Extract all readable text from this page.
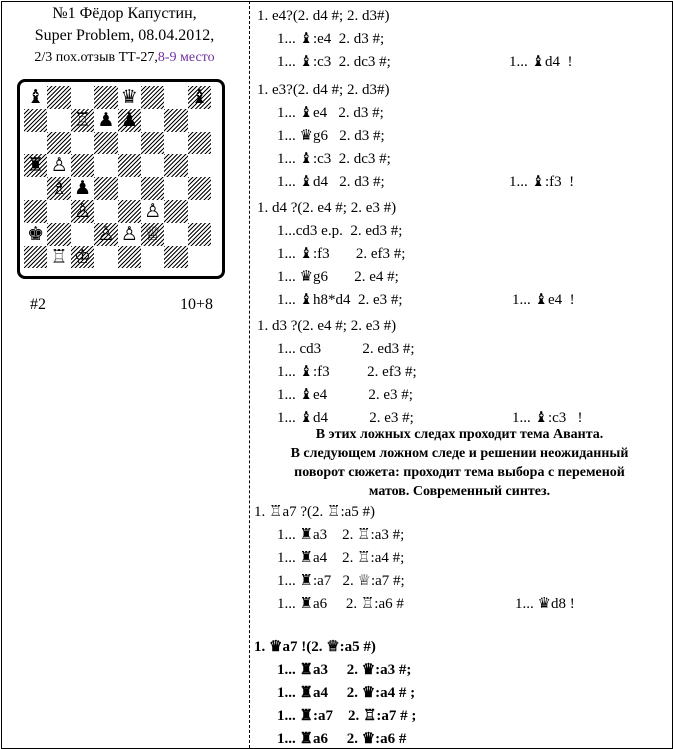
№1 Фёдор Капустин,
Super Problem, 08.04.2012,
2/3 пох.отзыв ТТ-27,8-9 место
♝	♛	♝
♖ ♟ ♟
♜ ♙
♗ ♟
♙	♙
♚	♙ ♙ ♕
♖ ♔
#2	10+8
1. e4?(2. d4 #; 2. d3#)
1... ♝:e4  2. d3 #;
1... ♝:c3  2. dc3 #;	1... ♝d4  !
1. e3?(2. d4 #; 2. d3#)
1... ♝e4   2. d3 #;
1... ♛g6   2. d3 #;
1... ♝:c3  2. dc3 #;
1... ♝d4   2. d3 #;	1... ♝:f3  !
1. d4 ?(2. e4 #; 2. e3 #)
1...cd3 e.p.  2. ed3 #;
1... ♝:f3       2. ef3 #;
1... ♛g6       2. e4 #;
1... ♝h8*d4  2. e3 #;	1... ♝e4  !
1. d3 ?(2. e4 #; 2. e3 #)
1... cd3           2. ed3 #;
1... ♝:f3          2. ef3 #;
1... ♝e4           2. e3 #;
1... ♝d4           2. e3 #;	1... ♝:c3   !
1. ♖a7 ?(2. ♖:a5 #)
1... ♜a3    2. ♖:a3 #;
1... ♜a4    2. ♖:a4 #;
1... ♜:a7   2. ♕:a7 #;
1... ♜a6     2. ♖:a6 #	1... ♛d8 !
1. ♛a7 !(2. ♕:a5 #)
1... ♜a3     2. ♛:a3 #;
1... ♜a4     2. ♛:a4 # ;
1... ♜:a7    2. ♖:a7 # ;
1... ♜a6     2. ♛:a6 #
В этих ложных следах проходит тема Аванта.
В следующем ложном следе и решении неожиданный
поворот сюжета: проходит тема выбора с переменой
матов. Современный синтез.
